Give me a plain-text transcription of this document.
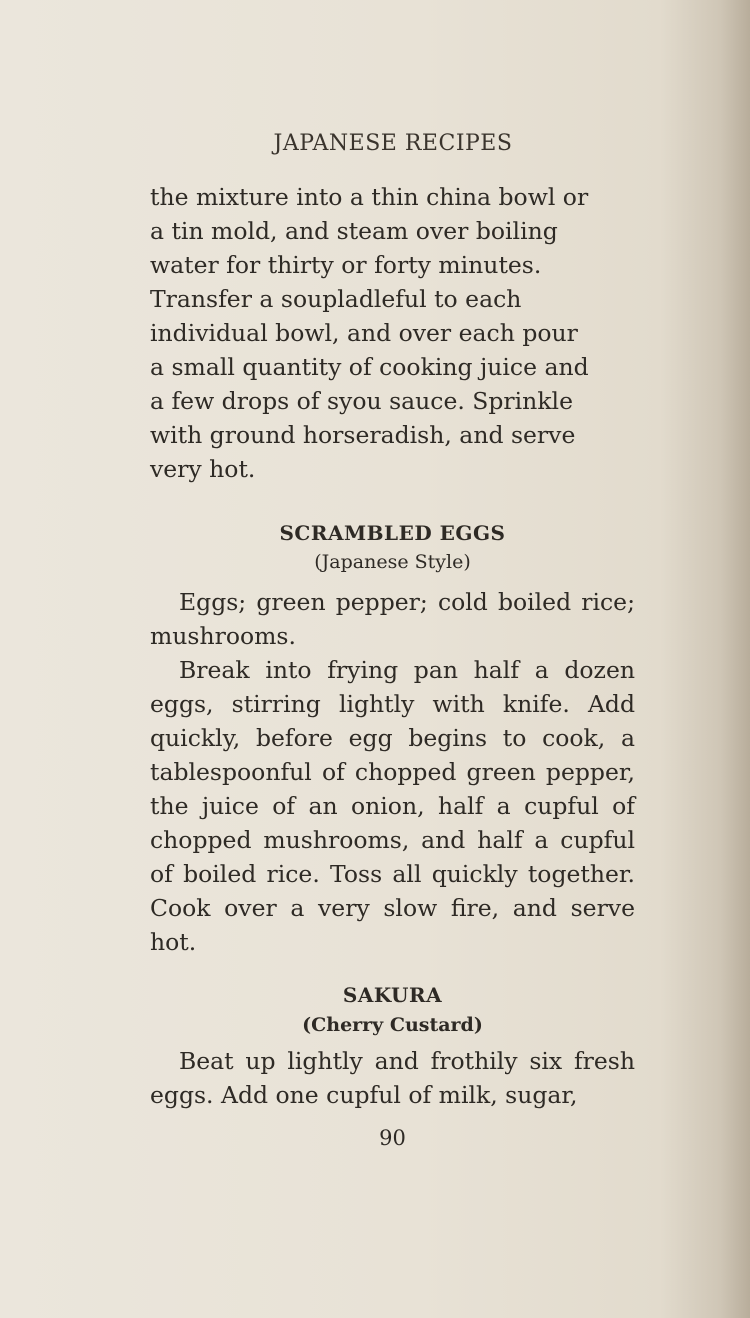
JAPANESE RECIPES

the mixture into a thin china bowl or

a tin mold, and steam over boiling

water for thirty or forty minutes.

Transfer a soupladleful to each

individual bowl, and over each pour

a small quantity of cooking juice and

a few drops of syou sauce. Sprinkle

with ground horseradish, and serve

very hot.

SCRAMBLED EGGS
(Japanese Style)

Eggs; green pepper; cold boiled rice; mushrooms.

Break into frying pan half a dozen eggs, stirring lightly with knife. Add quickly, before egg begins to cook, a tablespoonful of chopped green pepper, the juice of an onion, half a cupful of chopped mushrooms, and half a cupful of boiled rice. Toss all quickly together. Cook over a very slow fire, and serve hot.

SAKURA
(Cherry Custard)

Beat up lightly and frothily six fresh eggs. Add one cupful of milk, sugar,

90
